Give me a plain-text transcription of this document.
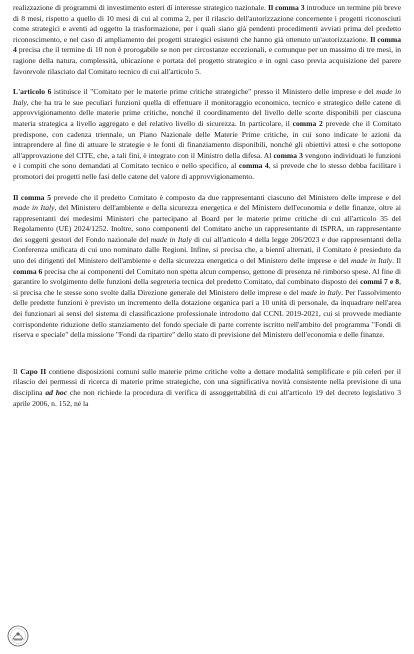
realizzazione di programmi di investimento esteri di interesse strategico nazionale. Il comma 3 introduce un termine più breve di 8 mesi, rispetto a quello di 10 mesi di cui al comma 2, per il rilascio dell'autorizzazione concernente i progetti riconosciuti come strategici e aventi ad oggetto la trasformazione, per i quali siano già pendenti procedimenti avviati prima del predetto riconoscimento, e nel caso di ampliamento dei progetti strategici esistenti che hanno già ottenuto un'autorizzazione. Il comma 4 precisa che il termine di 10 non è prorogabile se non per circostanze eccezionali, e comunque per un massimo di tre mesi, in ragione della natura, complessità, ubicazione e portata del progetto strategico e in ogni caso previa acquisizione del parere favorevole rilasciato dal Comitato tecnico di cui all'articolo 5.

L'articolo 6 istituisce il "Comitato per le materie prime critiche strategiche" presso il Ministero delle imprese e del made in Italy, che ha tra le sue peculiari funzioni quella di effettuare il monitoraggio economico, tecnico e strategico delle catene di approvvigionamento delle materie prime critiche, nonché il coordinamento del livello delle scorte disponibili per ciascuna materia strategica a livello aggregato e del relativo livello di sicurezza. In particolare, il comma 2 prevede che il Comitato predispone, con cadenza triennale, un Piano Nazionale delle Materie Prime critiche, in cui sono indicate le azioni da intraprendere al fine di attuare le strategie e le fonti di finanziamento disponibili, nonché gli obiettivi attesi e che sottopone all'approvazione del CITE, che, a tali fini, è integrato con il Ministro della difesa. Al comma 3 vengono individuati le funzioni e i compiti che sono demandati al Comitato tecnico e nello specifico, al comma 4, si prevede che lo stesso debba facilitare i promotori dei progetti nelle fasi delle catene del valore di approvvigionamento.

Il comma 5 prevede che il predetto Comitato è composto da due rappresentanti ciascuno del Ministero delle imprese e del made in Italy, del Ministero dell'ambiente e della sicurezza energetica e del Ministero dell'economia e delle finanze, oltre ai rappresentanti dei medesimi Ministeri che partecipano al Board per le materie prime critiche di cui all'articolo 35 del Regolamento (UE) 2024/1252. Inoltre, sono componenti del Comitato anche un rappresentante di ISPRA, un rappresentante dei soggetti gestori del Fondo nazionale del made in Italy di cui all'articolo 4 della legge 206/2023 e due rappresentanti della Conferenza unificata di cui uno nominato dalle Regioni. Infine, si precisa che, a biennî alternati, il Comitato è presieduto da uno dei dirigenti del Ministero dell'ambiente e della sicurezza energetica o del Ministero delle imprese e del made in Italy. Il comma 6 precisa che ai componenti del Comitato non spetta alcun compenso, gettone di presenza né rimborso spese. Al fine di garantire lo svolgimento delle funzioni della segreteria tecnica del predetto Comitato, dal combinato disposto dei commi 7 e 8, si precisa che le stesse sono svolte dalla Direzione generale del Ministero delle imprese e del made in Italy. Per l'assolvimento delle predette funzioni è previsto un incremento della dotazione organica pari a 10 unità di personale, da inquadrare nell'area dei funzionari ai sensi del sistema di classificazione professionale introdotto dal CCNL 2019-2021, cui si provvede mediante corrispondente riduzione dello stanziamento del fondo speciale di parte corrente iscritto nell'ambito del programma "Fondi di riserva e speciale" della missione "Fondi da ripartire" dello stato di previsione del Ministero dell'economia e delle finanze.

Il Capo II contiene disposizioni comuni sulle materie prime critiche volte a dettare modalità semplificate e più celeri per il rilascio dei permessi di ricerca di materie prime strategiche, con una significativa novità consistente nella previsione di una disciplina ad hoc che non richiede la procedura di verifica di assoggettabilità di cui all'articolo 19 del decreto legislativo 3 aprile 2006, n. 152, né la
